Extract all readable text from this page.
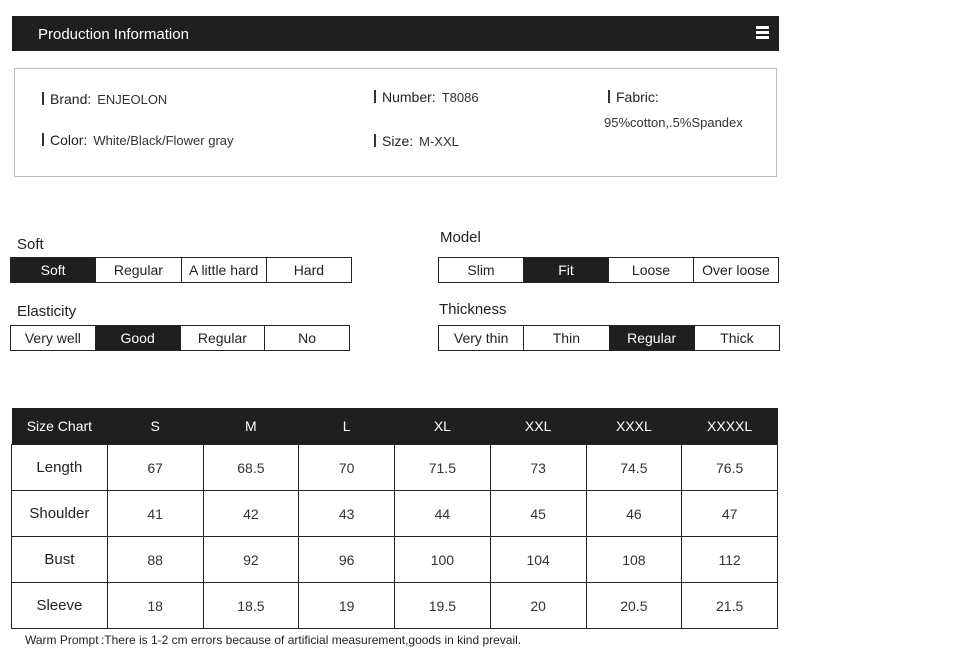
Production Information
Brand: ENJEOLON	Number: T8086	Fabric:
95%cotton,.5%Spandex
Color: White/Black/Flower gray	Size: M-XXL
Soft
Soft	Regular	A little hard	Hard
Elasticity
Very well	Good	Regular	No
Model
Slim	Fit	Loose	Over loose
Thickness
Very thin	Thin	Regular	Thick
Size Chart	S	M	L	XL	XXL	XXXL	XXXXL
Length	67	68.5	70	71.5	73	74.5	76.5
Shoulder	41	42	43	44	45	46	47
Bust	88	92	96	100	104	108	112
Sleeve	18	18.5	19	19.5	20	20.5	21.5
Warm Prompt :There is 1-2 cm errors because of artificial measurement,goods in kind prevail.
